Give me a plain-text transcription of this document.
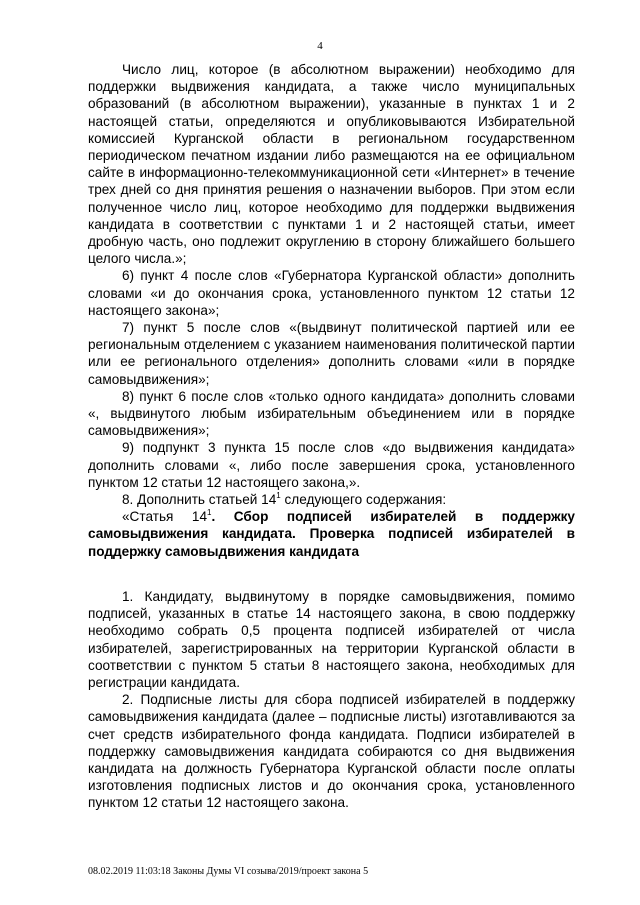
4

Число лиц, которое (в абсолютном выражении) необходимо для поддержки выдвижения кандидата, а также число муниципальных образований (в абсолютном выражении), указанные в пунктах 1 и 2 настоящей статьи, определяются и опубликовываются Избирательной комиссией Курганской области в региональном государственном периодическом печатном издании либо размещаются на ее официальном сайте в информационно-телекоммуникационной сети «Интернет» в течение трех дней со дня принятия решения о назначении выборов. При этом если полученное число лиц, которое необходимо для поддержки выдвижения кандидата в соответствии с пунктами 1 и 2 настоящей статьи, имеет дробную часть, оно подлежит округлению в сторону ближайшего большего целого числа.»;

6) пункт 4 после слов «Губернатора Курганской области» дополнить словами «и до окончания срока, установленного пунктом 12 статьи 12 настоящего закона»;

7) пункт 5 после слов «(выдвинут политической партией или ее региональным отделением с указанием наименования политической партии или ее регионального отделения» дополнить словами «или в порядке самовыдвижения»;

8) пункт 6 после слов «только одного кандидата» дополнить словами «, выдвинутого любым избирательным объединением или в порядке самовыдвижения»;

9) подпункт 3 пункта 15 после слов «до выдвижения кандидата» дополнить словами «, либо после завершения срока, установленного пунктом 12 статьи 12 настоящего закона,».

8. Дополнить статьей $14^1$ следующего содержания:

«Статья $14^1$. Сбор подписей избирателей в поддержку самовыдвижения кандидата. Проверка подписей избирателей в поддержку самовыдвижения кандидата

1. Кандидату, выдвинутому в порядке самовыдвижения, помимо подписей, указанных в статье 14 настоящего закона, в свою поддержку необходимо собрать 0,5 процента подписей избирателей от числа избирателей, зарегистрированных на территории Курганской области в соответствии с пунктом 5 статьи 8 настоящего закона, необходимых для регистрации кандидата.

2. Подписные листы для сбора подписей избирателей в поддержку самовыдвижения кандидата (далее – подписные листы) изготавливаются за счет средств избирательного фонда кандидата. Подписи избирателей в поддержку самовыдвижения кандидата собираются со дня выдвижения кандидата на должность Губернатора Курганской области после оплаты изготовления подписных листов и до окончания срока, установленного пунктом 12 статьи 12 настоящего закона.

08.02.2019 11:03:18 Законы Думы VI созыва/2019/проект закона 5
